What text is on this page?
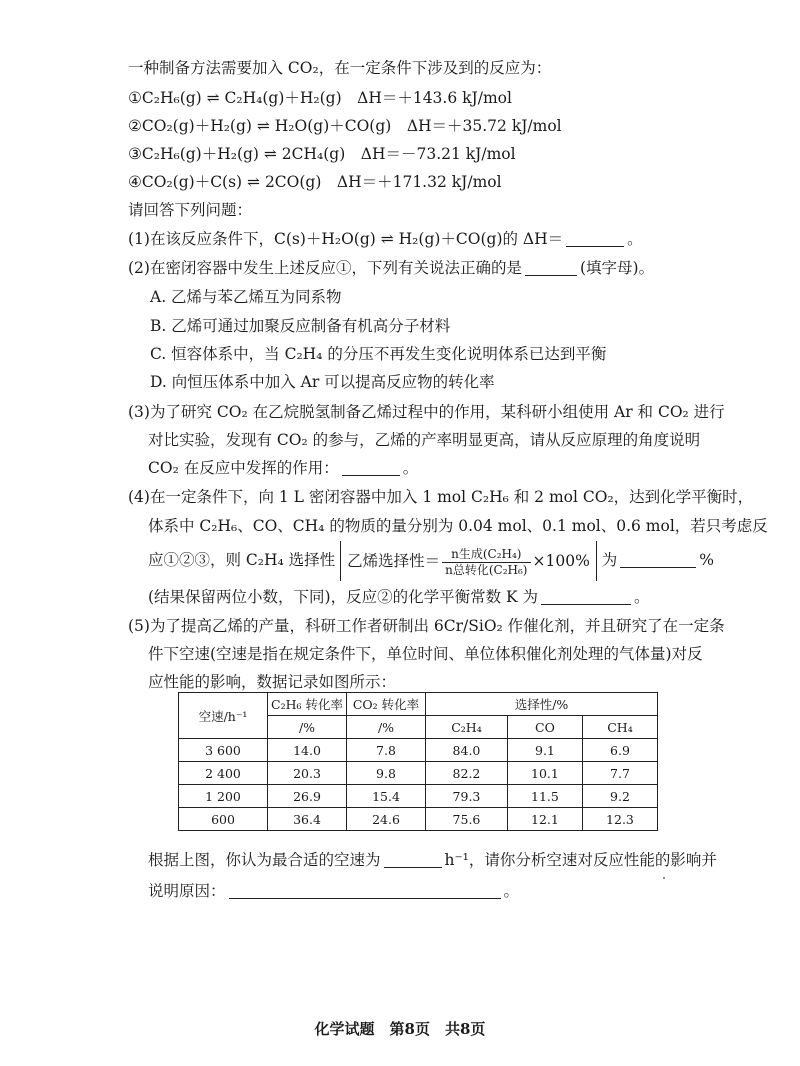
一种制备方法需要加入 CO₂，在一定条件下涉及到的反应为：
①C₂H₆(g) ⇌ C₂H₄(g)＋H₂(g)　ΔH＝＋143.6 kJ/mol
②CO₂(g)＋H₂(g) ⇌ H₂O(g)＋CO(g)　ΔH＝＋35.72 kJ/mol
③C₂H₆(g)＋H₂(g) ⇌ 2CH₄(g)　ΔH＝－73.21 kJ/mol
④CO₂(g)＋C(s) ⇌ 2CO(g)　ΔH＝＋171.32 kJ/mol
请回答下列问题：
(1)在该反应条件下，C(s)＋H₂O(g) ⇌ H₂(g)＋CO(g)的 ΔH＝	。
(2)在密闭容器中发生上述反应①，下列有关说法正确的是	(填字母)。
A. 乙烯与苯乙烯互为同系物
B. 乙烯可通过加聚反应制备有机高分子材料
C. 恒容体系中，当 C₂H₄ 的分压不再发生变化说明体系已达到平衡
D. 向恒压体系中加入 Ar 可以提高反应物的转化率
(3)为了研究 CO₂ 在乙烷脱氢制备乙烯过程中的作用，某科研小组使用 Ar 和 CO₂ 进行
对比实验，发现有 CO₂ 的参与，乙烯的产率明显更高，请从反应原理的角度说明
CO₂ 在反应中发挥的作用：	。
(4)在一定条件下，向 1 L 密闭容器中加入 1 mol C₂H₆ 和 2 mol CO₂，达到化学平衡时，
体系中 C₂H₆、CO、CH₄ 的物质的量分别为 0.04 mol、0.1 mol、0.6 mol，若只考虑反
应①②③，则 C₂H₄ 选择性 乙烯选择性＝ $\frac{\text{n生成(C₂H₄)}}{\text{n总转化(C₂H₆)}} \times 100\%$ 为	%
(结果保留两位小数，下同)，反应②的化学平衡常数 K 为	。
(5)为了提高乙烯的产量，科研工作者研制出 6Cr/SiO₂ 作催化剂，并且研究了在一定条
件下空速(空速是指在规定条件下，单位时间、单位体积催化剂处理的气体量)对反
应性能的影响，数据记录如图所示：
空速/h⁻¹	C₂H₆ 转化率	CO₂ 转化率	选择性/%		
	/%	/%	C₂H₄	CO	CH₄
3 600	14.0	7.8	84.0	9.1	6.9
2 400	20.3	9.8	82.2	10.1	7.7
1 200	26.9	15.4	79.3	11.5	9.2
600	36.4	24.6	75.6	12.1	12.3
根据上图，你认为最合适的空速为	h⁻¹，请你分析空速对反应性能的影响并
说明原因：	。
化学试题　第8页　共8页
